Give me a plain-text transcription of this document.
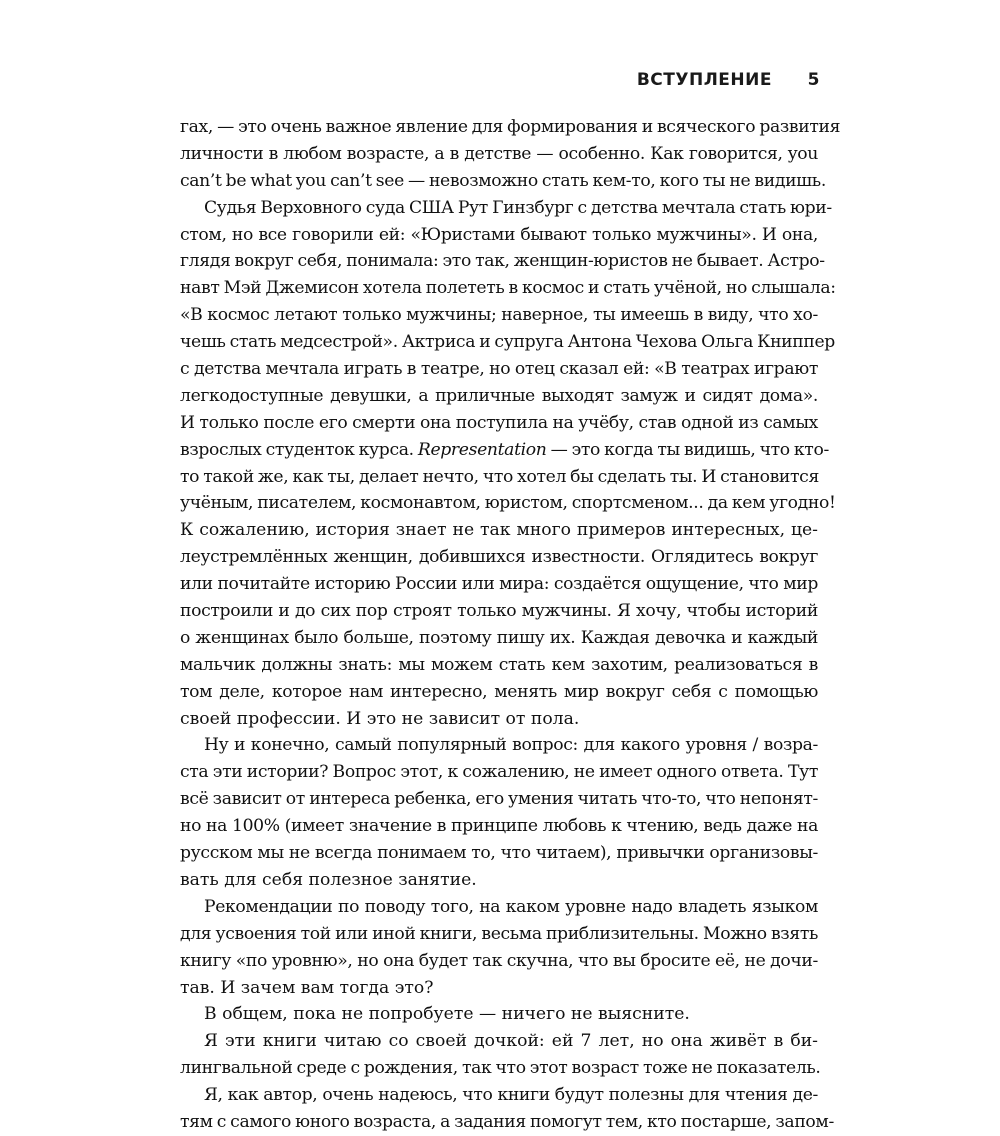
ВСТУПЛЕНИЕ 5
гах, — это очень важное явление для формирования и всяческого развития
личности в любом возрасте, а в детстве — особенно. Как говорится, you
can’t be what you can’t see — невозможно стать кем-то, кого ты не видишь.
Судья Верховного суда США Рут Гинзбург с детства мечтала стать юри-
стом, но все говорили ей: «Юристами бывают только мужчины». И она,
глядя вокруг себя, понимала: это так, женщин-юристов не бывает. Астро-
навт Мэй Джемисон хотела полететь в космос и стать учёной, но слышала:
«В космос летают только мужчины; наверное, ты имеешь в виду, что хо-
чешь стать медсестрой». Актриса и супруга Антона Чехова Ольга Книппер
с детства мечтала играть в театре, но отец сказал ей: «В театрах играют
легкодоступные девушки, а приличные выходят замуж и сидят дома».
И только после его смерти она поступила на учёбу, став одной из самых
взрослых студенток курса. Representation — это когда ты видишь, что кто-
то такой же, как ты, делает нечто, что хотел бы сделать ты. И становится
учёным, писателем, космонавтом, юристом, спортсменом... да кем угодно!
К сожалению, история знает не так много примеров интересных, це-
леустремлённых женщин, добившихся известности. Оглядитесь вокруг
или почитайте историю России или мира: создаётся ощущение, что мир
построили и до сих пор строят только мужчины. Я хочу, чтобы историй
о женщинах было больше, поэтому пишу их. Каждая девочка и каждый
мальчик должны знать: мы можем стать кем захотим, реализоваться в
том деле, которое нам интересно, менять мир вокруг себя с помощью
своей профессии. И это не зависит от пола.
Ну и конечно, самый популярный вопрос: для какого уровня / возра-
ста эти истории? Вопрос этот, к сожалению, не имеет одного ответа. Тут
всё зависит от интереса ребенка, его умения читать что-то, что непонят-
но на 100% (имеет значение в принципе любовь к чтению, ведь даже на
русском мы не всегда понимаем то, что читаем), привычки организовы-
вать для себя полезное занятие.
Рекомендации по поводу того, на каком уровне надо владеть языком
для усвоения той или иной книги, весьма приблизительны. Можно взять
книгу «по уровню», но она будет так скучна, что вы бросите её, не дочи-
тав. И зачем вам тогда это?
В общем, пока не попробуете — ничего не выясните.
Я эти книги читаю со своей дочкой: ей 7 лет, но она живёт в би-
лингвальной среде с рождения, так что этот возраст тоже не показатель.
Я, как автор, очень надеюсь, что книги будут полезны для чтения де-
тям с самого юного возраста, а задания помогут тем, кто постарше, запом-
